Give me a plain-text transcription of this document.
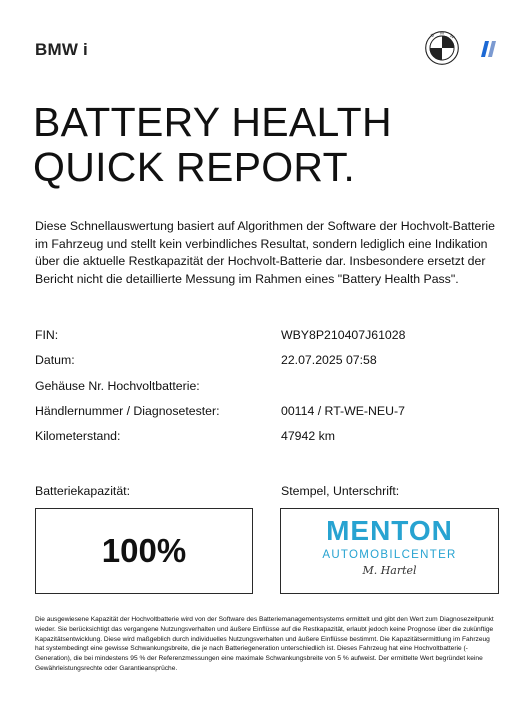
BMW i
B M
W
BATTERY HEALTH
QUICK REPORT.

Diese Schnellauswertung basiert auf Algorithmen der Software der Hochvolt-Batterie im Fahrzeug und stellt kein verbindliches Resultat, sondern lediglich eine Indikation über die aktuelle Restkapazität der Hochvolt-Batterie dar. Insbesondere ersetzt der Bericht nicht die detaillierte Messung im Rahmen eines "Battery Health Pass".

FIN:	WBY8P210407J61028
Datum:	22.07.2025 07:58
Gehäuse Nr. Hochvoltbatterie:
Händlernummer / Diagnosetester:	00114 / RT-WE-NEU-7
Kilometerstand:	47942 km
Batteriekapazität:	Stempel, Unterschrift:
100%
MENTON
AUTOMOBILCENTER
M. Hartel

Die ausgewiesene Kapazität der Hochvoltbatterie wird von der Software des Batteriemanagementsystems ermittelt und gibt den Wert zum Diagnosezeitpunkt wieder. Sie berücksichtigt das vergangene Nutzungsverhalten und äußere Einflüsse auf die Restkapazität, erlaubt jedoch keine Prognose über die zukünftige Kapazitätsentwicklung. Diese wird maßgeblich durch individuelles Nutzungsverhalten und äußere Einflüsse bestimmt. Die Kapazitätsermittlung im Fahrzeug hat systembedingt eine gewisse Schwankungsbreite, die je nach Batteriegeneration unterschiedlich ist. Dieses Fahrzeug hat eine Hochvoltbatterie (-Generation), die bei mindestens 95 % der Referenzmessungen eine maximale Schwankungsbreite von 5 % aufweist. Der ermittelte Wert begründet keine Gewährleistungsrechte oder Garantieansprüche.
